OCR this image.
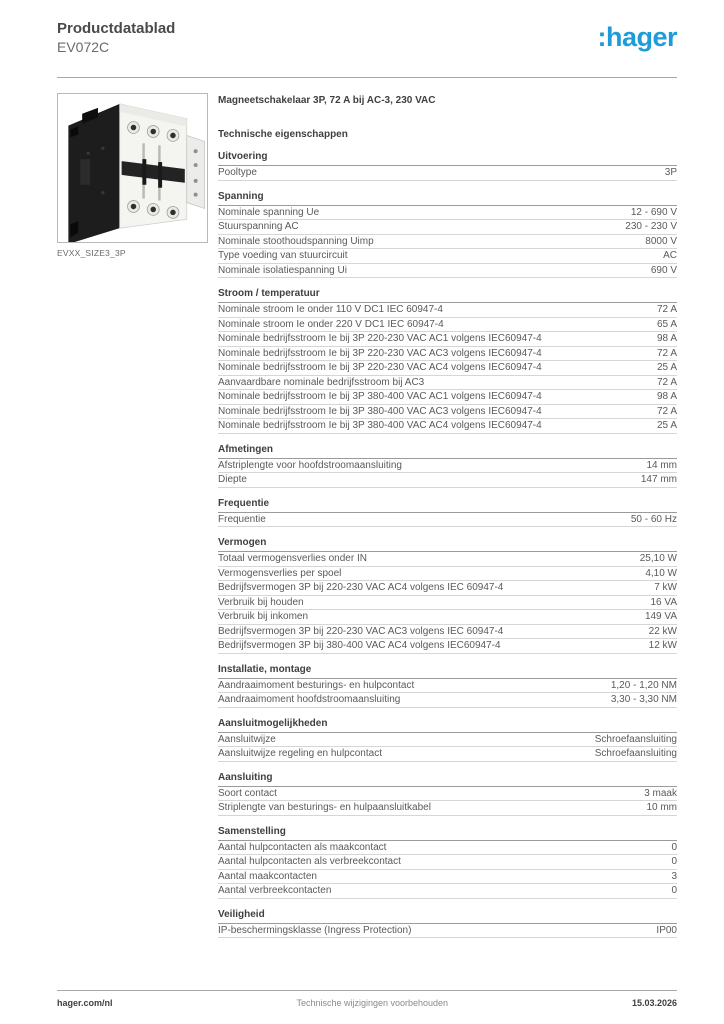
Productdatablad
EV072C	:hager
EVXX_SIZE3_3P
Magneetschakelaar 3P, 72 A bij AC-3, 230 VAC
Technische eigenschappen
Uitvoering
Pooltype	3P
Spanning
Nominale spanning Ue	12 - 690 V
Stuurspanning AC	230 - 230 V
Nominale stoothoudspanning Uimp	8000 V
Type voeding van stuurcircuit	AC
Nominale isolatiespanning Ui	690 V
Stroom / temperatuur
Nominale stroom Ie onder 110 V DC1 IEC 60947-4	72 A
Nominale stroom Ie onder 220 V DC1 IEC 60947-4	65 A
Nominale bedrijfsstroom Ie bij 3P 220-230 VAC AC1 volgens IEC60947-4	98 A
Nominale bedrijfsstroom Ie bij 3P 220-230 VAC AC3 volgens IEC60947-4	72 A
Nominale bedrijfsstroom Ie bij 3P 220-230 VAC AC4 volgens IEC60947-4	25 A
Aanvaardbare nominale bedrijfsstroom bij AC3	72 A
Nominale bedrijfsstroom Ie bij 3P 380-400 VAC AC1 volgens IEC60947-4	98 A
Nominale bedrijfsstroom Ie bij 3P 380-400 VAC AC3 volgens IEC60947-4	72 A
Nominale bedrijfsstroom Ie bij 3P 380-400 VAC AC4 volgens IEC60947-4	25 A
Afmetingen
Afstriplengte voor hoofdstroomaansluiting	14 mm
Diepte	147 mm
Frequentie
Frequentie	50 - 60 Hz
Vermogen
Totaal vermogensverlies onder IN	25,10 W
Vermogensverlies per spoel	4,10 W
Bedrijfsvermogen 3P bij 220-230 VAC AC4 volgens IEC 60947-4	7 kW
Verbruik bij houden	16 VA
Verbruik bij inkomen	149 VA
Bedrijfsvermogen 3P bij 220-230 VAC AC3 volgens IEC 60947-4	22 kW
Bedrijfsvermogen 3P bij 380-400 VAC AC4 volgens IEC60947-4	12 kW
Installatie, montage
Aandraaimoment besturings- en hulpcontact	1,20 - 1,20 NM
Aandraaimoment hoofdstroomaansluiting	3,30 - 3,30 NM
Aansluitmogelijkheden
Aansluitwijze	Schroefaansluiting
Aansluitwijze regeling en hulpcontact	Schroefaansluiting
Aansluiting
Soort contact	3 maak
Striplengte van besturings- en hulpaansluitkabel	10 mm
Samenstelling
Aantal hulpcontacten als maakcontact	0
Aantal hulpcontacten als verbreekcontact	0
Aantal maakcontacten	3
Aantal verbreekcontacten	0
Veiligheid
IP-beschermingsklasse (Ingress Protection)	IP00
hager.com/nl	Technische wijzigingen voorbehouden	15.03.2026
